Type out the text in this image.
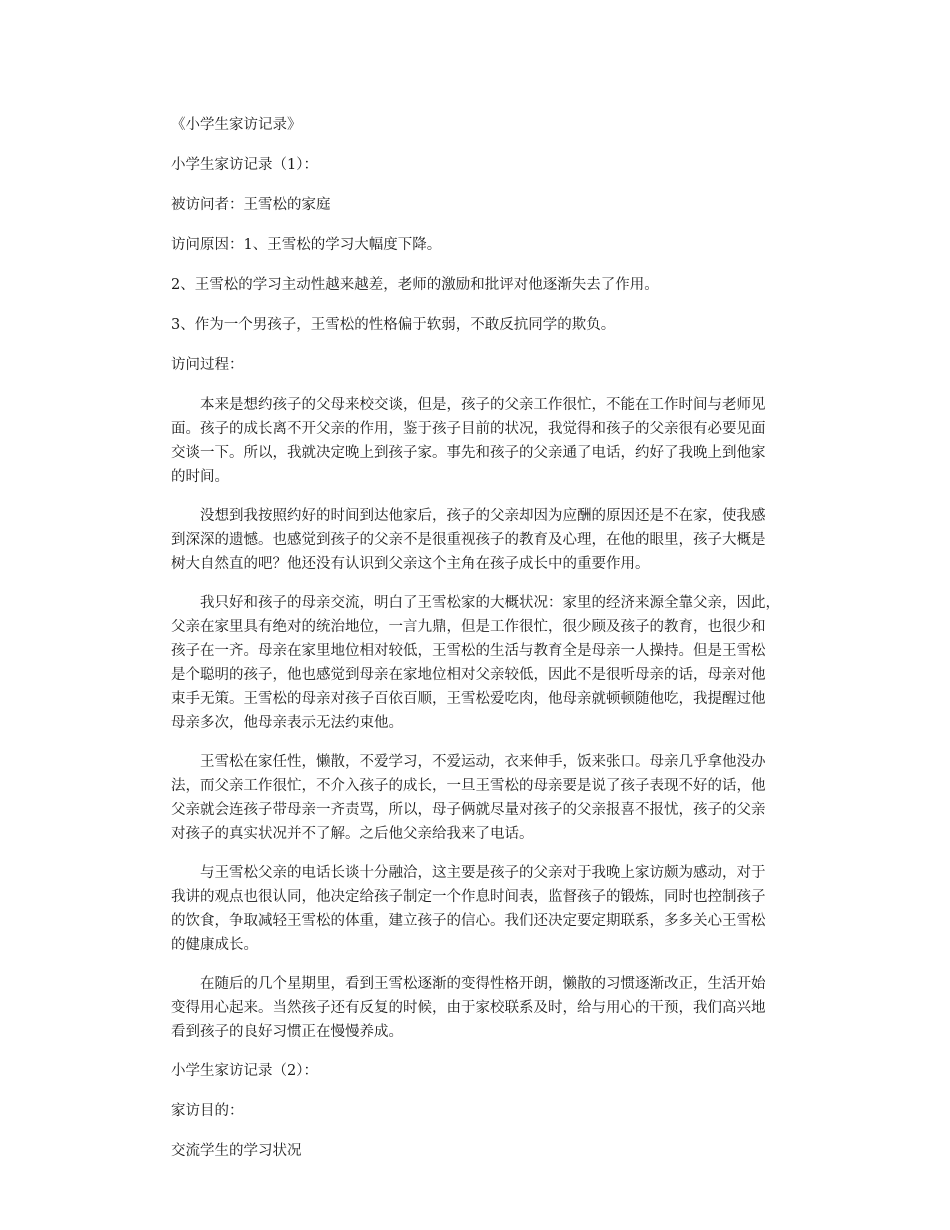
《小学生家访记录》

小学生家访记录（1）：

被访问者：王雪松的家庭

访问原因：1、王雪松的学习大幅度下降。

2、王雪松的学习主动性越来越差，老师的激励和批评对他逐渐失去了作用。

3、作为一个男孩子，王雪松的性格偏于软弱，不敢反抗同学的欺负。

访问过程：

本来是想约孩子的父母来校交谈，但是，孩子的父亲工作很忙，不能在工作时间与老师见

面。孩子的成长离不开父亲的作用，鉴于孩子目前的状况，我觉得和孩子的父亲很有必要见面

交谈一下。所以，我就决定晚上到孩子家。事先和孩子的父亲通了电话，约好了我晚上到他家

的时间。

没想到我按照约好的时间到达他家后，孩子的父亲却因为应酬的原因还是不在家，使我感

到深深的遗憾。也感觉到孩子的父亲不是很重视孩子的教育及心理，在他的眼里，孩子大概是

树大自然直的吧？他还没有认识到父亲这个主角在孩子成长中的重要作用。

我只好和孩子的母亲交流，明白了王雪松家的大概状况：家里的经济来源全靠父亲，因此，

父亲在家里具有绝对的统治地位，一言九鼎，但是工作很忙，很少顾及孩子的教育，也很少和

孩子在一齐。母亲在家里地位相对较低，王雪松的生活与教育全是母亲一人操持。但是王雪松

是个聪明的孩子，他也感觉到母亲在家地位相对父亲较低，因此不是很听母亲的话，母亲对他

束手无策。王雪松的母亲对孩子百依百顺，王雪松爱吃肉，他母亲就顿顿随他吃，我提醒过他

母亲多次，他母亲表示无法约束他。

王雪松在家任性，懒散，不爱学习，不爱运动，衣来伸手，饭来张口。母亲几乎拿他没办

法，而父亲工作很忙，不介入孩子的成长，一旦王雪松的母亲要是说了孩子表现不好的话，他

父亲就会连孩子带母亲一齐责骂，所以，母子俩就尽量对孩子的父亲报喜不报忧，孩子的父亲

对孩子的真实状况并不了解。之后他父亲给我来了电话。

与王雪松父亲的电话长谈十分融洽，这主要是孩子的父亲对于我晚上家访颇为感动，对于

我讲的观点也很认同，他决定给孩子制定一个作息时间表，监督孩子的锻炼，同时也控制孩子

的饮食，争取减轻王雪松的体重，建立孩子的信心。我们还决定要定期联系，多多关心王雪松

的健康成长。

在随后的几个星期里，看到王雪松逐渐的变得性格开朗，懒散的习惯逐渐改正，生活开始

变得用心起来。当然孩子还有反复的时候，由于家校联系及时，给与用心的干预，我们高兴地

看到孩子的良好习惯正在慢慢养成。

小学生家访记录（2）：

家访目的：

交流学生的学习状况
